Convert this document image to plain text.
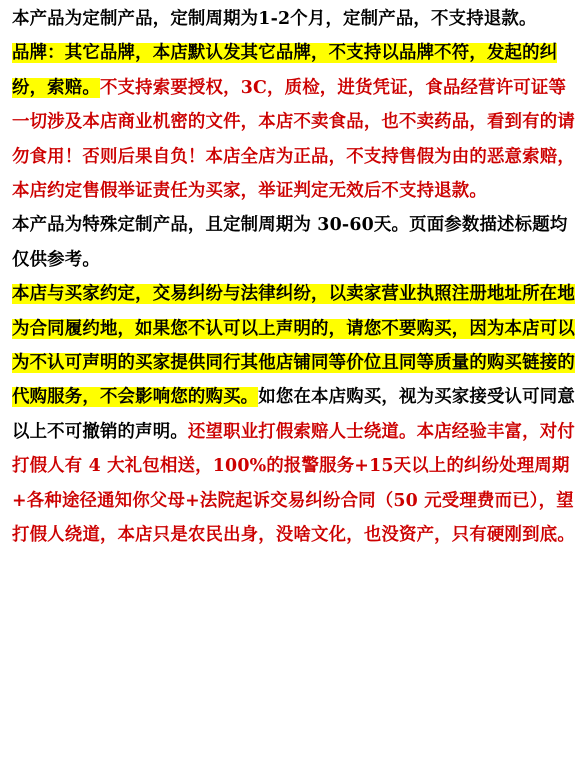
本产品为定制产品，定制周期为1-2个月，定制产品，不支持退款。

品牌：其它品牌，本店默认发其它品牌，不支持以品牌不符，发起的纠纷，索赔。不支持索要授权，3C，质检，进货凭证，食品经营许可证等一切涉及本店商业机密的文件，本店不卖食品，也不卖药品，看到有的请勿食用！否则后果自负！本店全店为正品，不支持售假为由的恶意索赔，本店约定售假举证责任为买家，举证判定无效后不支持退款。

本产品为特殊定制产品，且定制周期为 30-60天。页面参数描述标题均仅供参考。

本店与买家约定，交易纠纷与法律纠纷，以卖家营业执照注册地址所在地为合同履约地，如果您不认可以上声明的，请您不要购买，因为本店可以为不认可声明的买家提供同行其他店铺同等价位且同等质量的购买链接的代购服务，不会影响您的购买。如您在本店购买，视为买家接受认可同意以上不可撤销的声明。还望职业打假索赔人士绕道。本店经验丰富，对付打假人有 4 大礼包相送，100%的报警服务+15天以上的纠纷处理周期+各种途径通知你父母+法院起诉交易纠纷合同（50 元受理费而已），望打假人绕道，本店只是农民出身，没啥文化，也没资产，只有硬刚到底。
